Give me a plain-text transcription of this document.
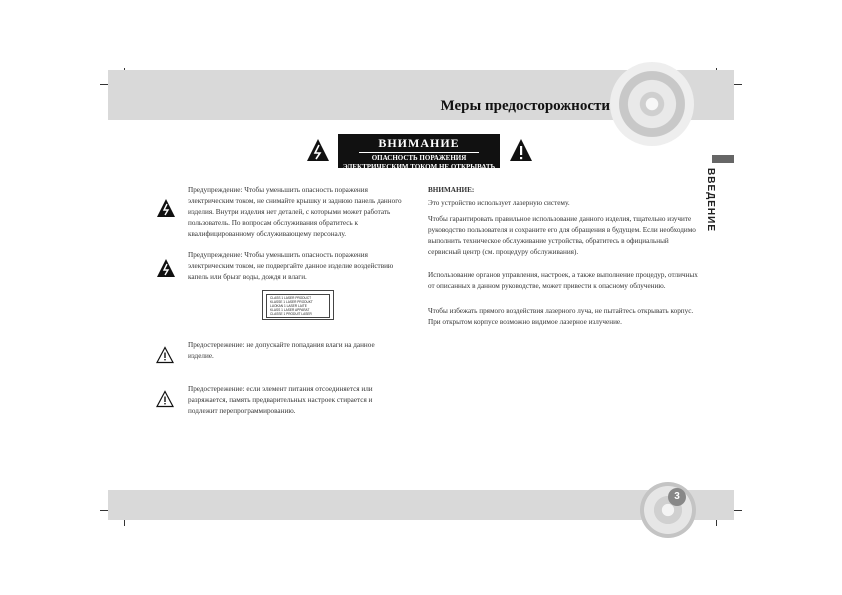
Меры предосторожности
ВВЕДЕНИЕ
ВНИМАНИЕ
ОПАСНОСТЬ ПОРАЖЕНИЯ
ЭЛЕКТРИЧЕСКИМ ТОКОМ НЕ ОТКРЫВАТЬ
Предупреждение: Чтобы уменьшить опасность поражения электрическим током, не снимайте крышку и заднюю панель данного изделия. Внутри изделия нет деталей, с которыми может работать пользователь. По вопросам обслуживания обратитесь к квалифицированному обслуживающему персоналу.
Предупреждение: Чтобы уменьшить опасность поражения электрическим током, не подвергайте данное изделие воздействию капель или брызг воды, дождя и влаги.
CLASS 1 LASER PRODUCT
KLASSE 1 LASER PRODUKT
LUOKAN 1 LASER LAITE
KLASS 1 LASER APPARAT
CLASSE 1 PRODUIT LASER
Предостережение: не допускайте попадания влаги на данное изделие.
Предостережение: если элемент питания отсоединяется или разряжается, память предварительных настроек стирается и подлежит перепрограммированию.
ВНИМАНИЕ:
Это устройство использует лазерную систему.
Чтобы гарантировать правильное использование данного изделия, тщательно изучите руководство пользователя и сохраните его для обращения в будущем. Если необходимо выполнить техническое обслуживание устройства, обратитесь в официальный сервисный центр (см. процедуру обслуживания).
Использование органов управления, настроек, а также выполнение процедур, отличных от описанных в данном руководстве, может привести к опасному облучению.
Чтобы избежать прямого воздействия лазерного луча, не пытайтесь открывать корпус. При открытом корпусе возможно видимое лазерное излучение.
3
